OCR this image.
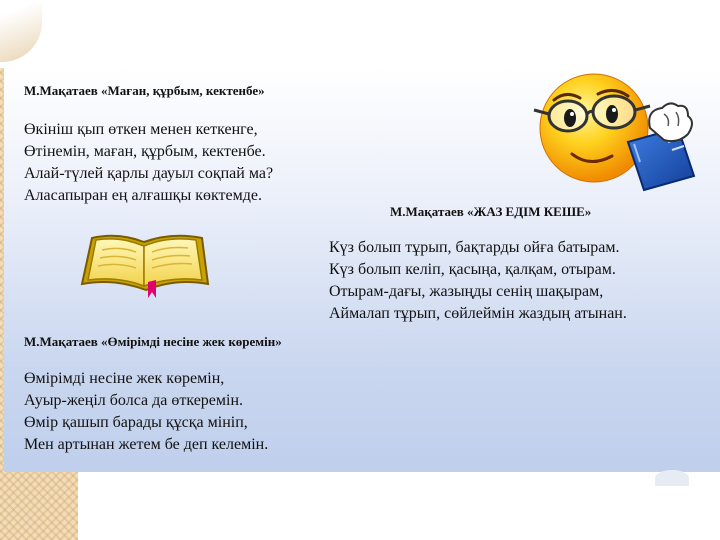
М.Мақатаев «Маған, құрбым, кектенбе»

Өкініш қып өткен менен кеткенге,
Өтінемін, маған, құрбым, кектенбе.
Алай-түлей қарлы дауыл соқпай ма?
Аласапыран ең алғашқы көктемде.

М.Мақатаев «ЖАЗ ЕДІМ КЕШЕ»

Күз болып тұрып, бақтарды ойға батырам.
Күз болып келіп, қасыңа, қалқам, отырам.
Отырам-дағы, жазыңды сенің шақырам,
Аймалап тұрып, сөйлеймін жаздың атынан.

М.Мақатаев «Өмірімді несіне жек көремін»

Өмірімді несіне жек көремін,
Ауыр-жеңіл болса да өткеремін.
Өмір қашып барады құсқа мініп,
Мен артынан жетем бе деп келемін.
